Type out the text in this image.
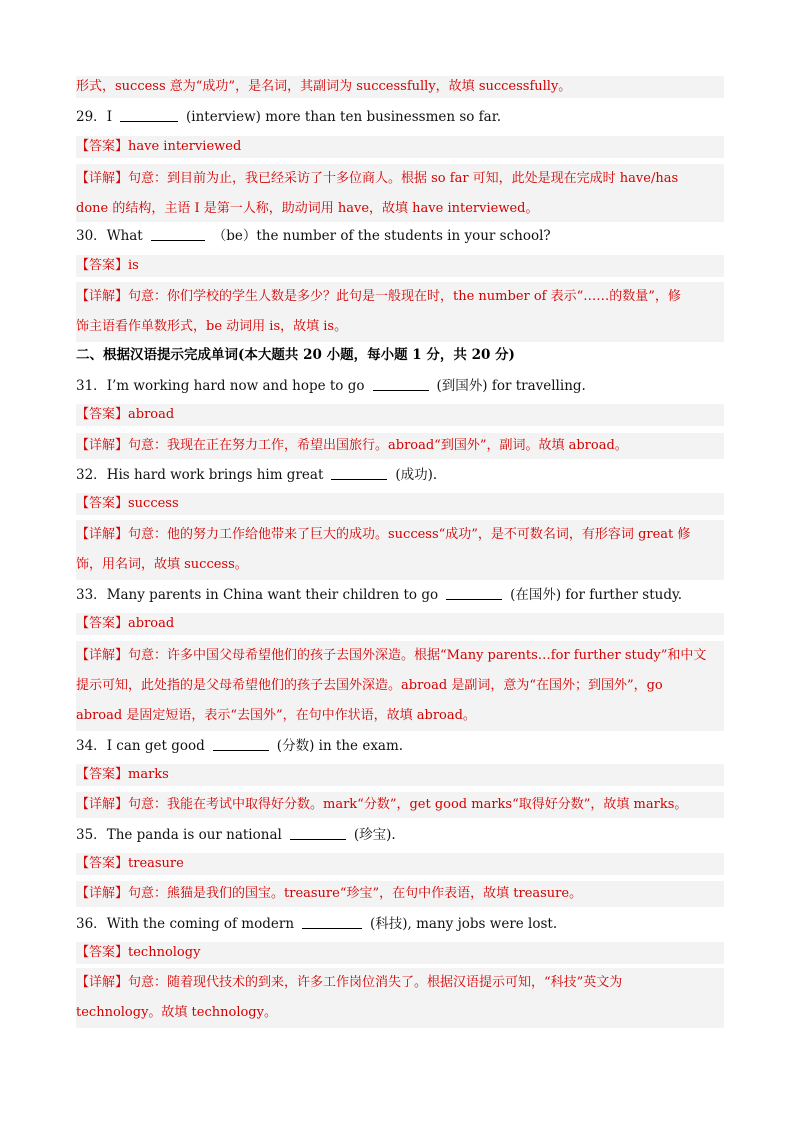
形式，success 意为“成功”，是名词，其副词为 successfully，故填 successfully。
29．I	(interview) more than ten businessmen so far.
【答案】have interviewed
【详解】句意：到目前为止，我已经采访了十多位商人。根据 so far 可知，此处是现在完成时 have/has
done 的结构，主语 I 是第一人称，助动词用 have，故填 have interviewed。
30．What	（be）the number of the students in your school?
【答案】is
【详解】句意：你们学校的学生人数是多少？此句是一般现在时，the number of 表示“……的数量”，修
饰主语看作单数形式，be 动词用 is，故填 is。
二、根据汉语提示完成单词(本大题共 20 小题，每小题 1 分，共 20 分)
31．I’m working hard now and hope to go	(到国外) for travelling.
【答案】abroad
【详解】句意：我现在正在努力工作，希望出国旅行。abroad“到国外”，副词。故填 abroad。
32．His hard work brings him great	(成功).
【答案】success
【详解】句意：他的努力工作给他带来了巨大的成功。success“成功”，是不可数名词，有形容词 great 修
饰，用名词，故填 success。
33．Many parents in China want their children to go	(在国外) for further study.
【答案】abroad
【详解】句意：许多中国父母希望他们的孩子去国外深造。根据“Many parents…for further study”和中文
提示可知，此处指的是父母希望他们的孩子去国外深造。abroad 是副词，意为“在国外；到国外”，go
abroad 是固定短语，表示“去国外”，在句中作状语，故填 abroad。
34．I can get good	(分数) in the exam.
【答案】marks
【详解】句意：我能在考试中取得好分数。mark“分数”，get good marks“取得好分数”，故填 marks。
35．The panda is our national	(珍宝).
【答案】treasure
【详解】句意：熊猫是我们的国宝。treasure“珍宝”，在句中作表语，故填 treasure。
36．With the coming of modern	(科技), many jobs were lost.
【答案】technology
【详解】句意：随着现代技术的到来，许多工作岗位消失了。根据汉语提示可知，“科技”英文为
technology。故填 technology。
